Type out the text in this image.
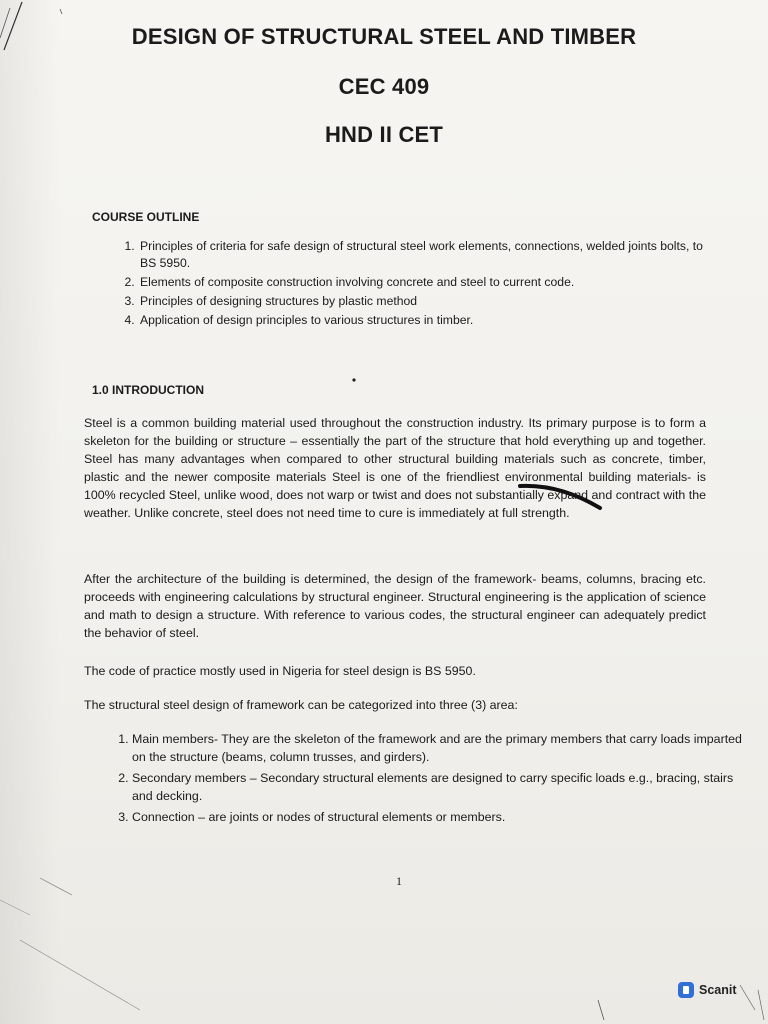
DESIGN OF STRUCTURAL STEEL AND TIMBER
CEC 409
HND II CET
COURSE OUTLINE
1. Principles of criteria for safe design of structural steel work elements, connections, welded joints bolts, to BS 5950.
2. Elements of composite construction involving concrete and steel to current code.
3. Principles of designing structures by plastic method
4. Application of design principles to various structures in timber.
1.0 INTRODUCTION

Steel is a common building material used throughout the construction industry. Its primary purpose is to form a skeleton for the building or structure – essentially the part of the structure that hold everything up and together. Steel has many advantages when compared to other structural building materials such as concrete, timber, plastic and the newer composite materials Steel is one of the friendliest environmental building materials- is 100% recycled Steel, unlike wood, does not warp or twist and does not substantially expand and contract with the weather. Unlike concrete, steel does not need time to cure is immediately at full strength.

After the architecture of the building is determined, the design of the framework- beams, columns, bracing etc. proceeds with engineering calculations by structural engineer. Structural engineering is the application of science and math to design a structure. With reference to various codes, the structural engineer can adequately predict the behavior of steel.

The code of practice mostly used in Nigeria for steel design is BS 5950.

The structural steel design of framework can be categorized into three (3) area:

1. Main members- They are the skeleton of the framework and are the primary members that carry loads imparted on the structure (beams, column trusses, and girders).
2. Secondary members – Secondary structural elements are designed to carry specific loads e.g., bracing, stairs and decking.
3. Connection – are joints or nodes of structural elements or members.
1
Scanit
